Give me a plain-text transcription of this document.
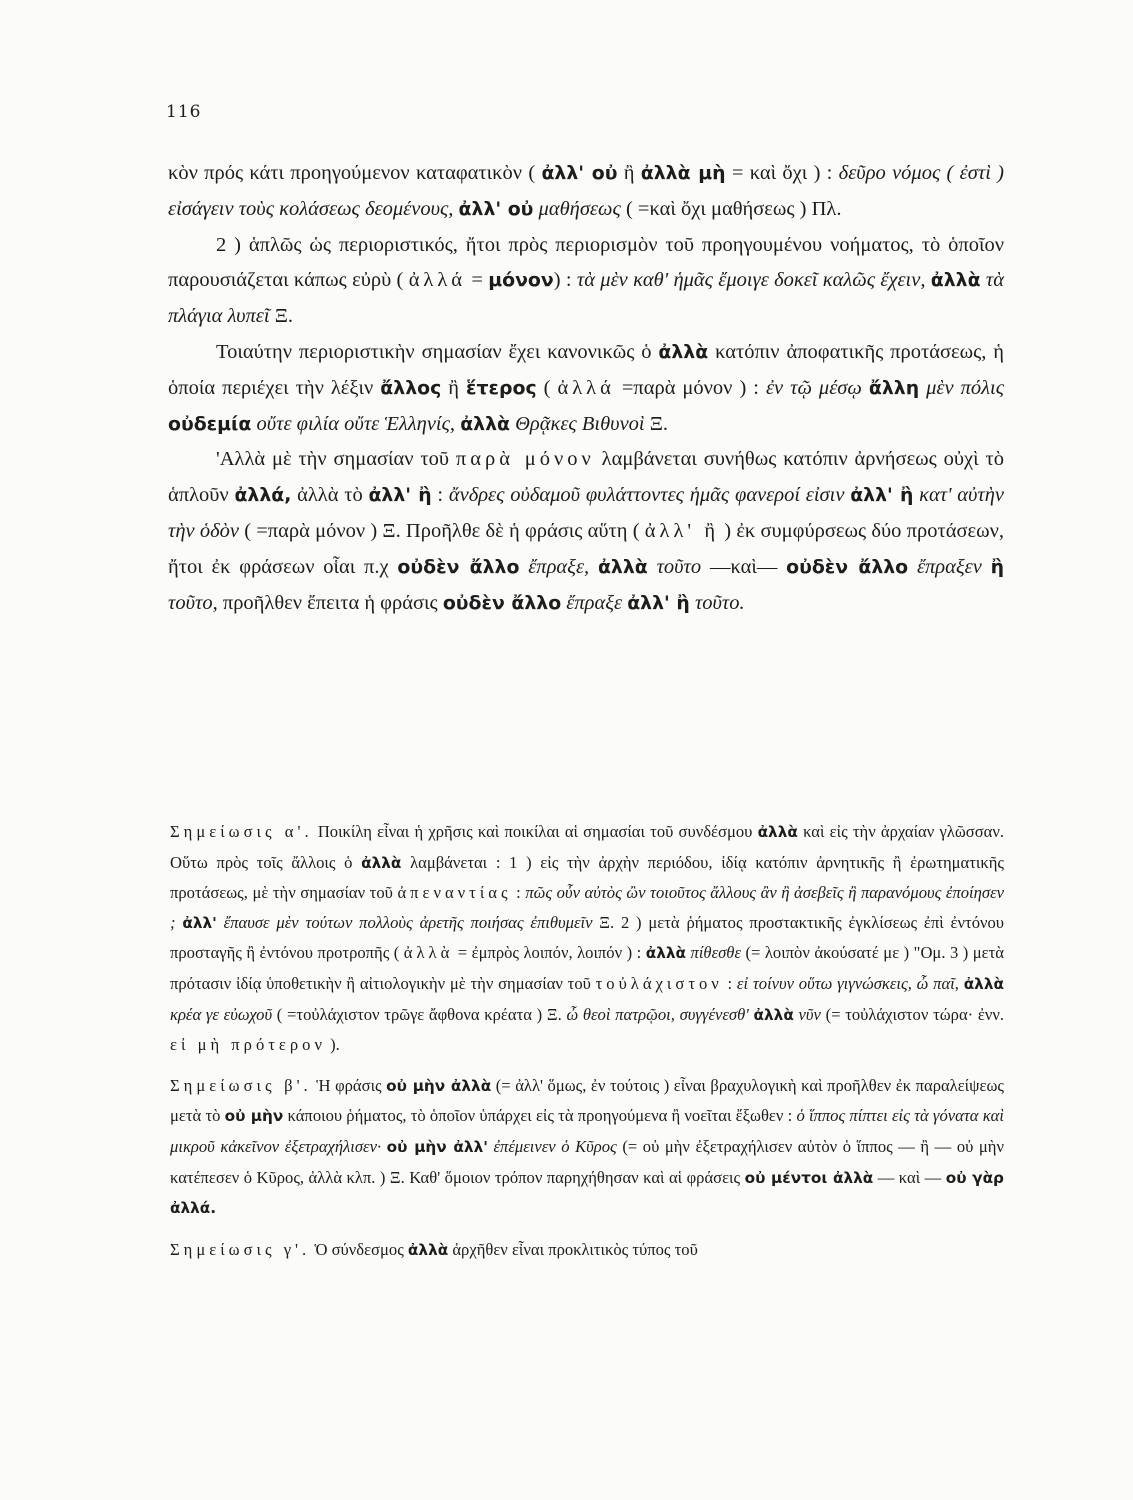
116

κὸν πρός κάτι προηγούμενον καταφατικὸν ( ἀλλ' οὐ ἢ ἀλλὰ μὴ = καὶ ὄχι ) : δεῦρο νόμος ( ἐστὶ ) εἰσάγειν τοὺς κολάσεως δεομένους, ἀλλ' οὐ μαθήσεως ( =καὶ ὄχι μαθήσεως ) Πλ.

2 ) ἁπλῶς ὡς περιοριστικός, ἤτοι πρὸς περιορισμὸν τοῦ προηγουμένου νοήματος, τὸ ὁποῖον παρουσιάζεται κάπως εὐρὺ ( ἀλλά = μόνον) : τὰ μὲν καθ' ἡμᾶς ἔμοιγε δοκεῖ καλῶς ἔχειν, ἀλλὰ τὰ πλάγια λυπεῖ Ξ.

Τοιαύτην περιοριστικὴν σημασίαν ἔχει κανονικῶς ὁ ἀλλὰ κατόπιν ἀποφατικῆς προτάσεως, ἡ ὁποία περιέχει τὴν λέξιν ἄλλος ἢ ἕτερος ( ἀλλά =παρὰ μόνον ) : ἐν τῷ μέσῳ ἄλλη μὲν πόλις οὐδεμία οὔτε φιλία οὔτε Ἑλληνίς, ἀλλὰ Θρᾷκες Βιθυνοὶ Ξ.

'Αλλὰ μὲ τὴν σημασίαν τοῦ παρὰ μόνον λαμβάνεται συνήθως κατόπιν ἀρνήσεως οὐχὶ τὸ ἁπλοῦν ἀλλά, ἀλλὰ τὸ ἀλλ' ἢ : ἄνδρες οὐδαμοῦ φυλάττοντες ἡμᾶς φανεροί εἰσιν ἀλλ' ἢ κατ' αὐτὴν τὴν ὁδὸν ( =παρὰ μόνον ) Ξ. Προῆλθε δὲ ἡ φράσις αὕτη ( ἀλλ' ἢ ) ἐκ συμφύρσεως δύο προτάσεων, ἤτοι ἐκ φράσεων οἷαι π.χ οὐδὲν ἄλλο ἔπραξε, ἀλλὰ τοῦτο —καὶ— οὐδὲν ἄλλο ἔπραξεν ἢ τοῦτο, προῆλθεν ἔπειτα ἡ φράσις οὐδὲν ἄλλο ἔπραξε ἀλλ' ἢ τοῦτο.

Σημείωσις α'. Ποικίλη εἶναι ἡ χρῆσις καὶ ποικίλαι αἱ σημασίαι τοῦ συνδέσμου ἀλλὰ καὶ εἰς τὴν ἀρχαίαν γλῶσσαν. Οὕτω πρὸς τοῖς ἄλλοις ὁ ἀλλὰ λαμβάνεται : 1 ) εἰς τὴν ἀρχὴν περιόδου, ἰδίᾳ κατόπιν ἀρνητικῆς ἢ ἐρωτηματικῆς προτάσεως, μὲ τὴν σημασίαν τοῦ ἀπεναντίας : πῶς οὖν αὐτὸς ὢν τοιοῦτος ἄλλους ἂν ἢ ἀσεβεῖς ἢ παρανόμους ἐποίησεν ; ἀλλ' ἔπαυσε μὲν τούτων πολλοὺς ἀρετῆς ποιήσας ἐπιθυμεῖν Ξ. 2 ) μετὰ ῥήματος προστακτικῆς ἐγκλίσεως ἐπὶ ἐντόνου προσταγῆς ἢ ἐντόνου προτροπῆς ( ἀλλὰ = ἐμπρὸς λοιπόν, λοιπόν ) : ἀλλὰ πίθεσθε (= λοιπὸν ἀκούσατέ με ) "Ομ. 3 ) μετὰ πρότασιν ἰδίᾳ ὑποθετικὴν ἢ αἰτιολογικὴν μὲ τὴν σημασίαν τοῦ τοὐλάχιστον : εἰ τοίνυν οὕτω γιγνώσκεις, ὦ παῖ, ἀλλὰ κρέα γε εὐωχοῦ ( =τοὐλάχιστον τρῶγε ἄφθονα κρέατα ) Ξ. ὦ θεοὶ πατρῷοι, συγγένεσθ' ἀλλὰ νῦν (= τοὐλάχιστον τώρα· ἐνν. εἰ μὴ πρότερον ).

Σημείωσις β'. Ἡ φράσις οὐ μὴν ἀλλὰ (= ἀλλ' ὅμως, ἐν τούτοις ) εἶναι βραχυλογικὴ καὶ προῆλθεν ἐκ παραλείψεως μετὰ τὸ οὐ μὴν κάποιου ῥήματος, τὸ ὁποῖον ὑπάρχει εἰς τὰ προηγούμενα ἢ νοεῖται ἔξωθεν : ὁ ἵππος πίπτει εἰς τὰ γόνατα καὶ μικροῦ κἀκεῖνον ἐξετραχήλισεν· οὐ μὴν ἀλλ' ἐπέμεινεν ὁ Κῦρος (= οὐ μὴν ἐξετραχήλισεν αὐτὸν ὁ ἵππος — ἢ — οὐ μὴν κατέπεσεν ὁ Κῦρος, ἀλλὰ κλπ. ) Ξ. Καθ' ὅμοιον τρόπον παρηχήθησαν καὶ αἱ φράσεις οὐ μέντοι ἀλλὰ — καὶ — οὐ γὰρ ἀλλά.

Σημείωσις γ'. Ὁ σύνδεσμος ἀλλὰ ἀρχῆθεν εἶναι προκλιτικὸς τύπος τοῦ
